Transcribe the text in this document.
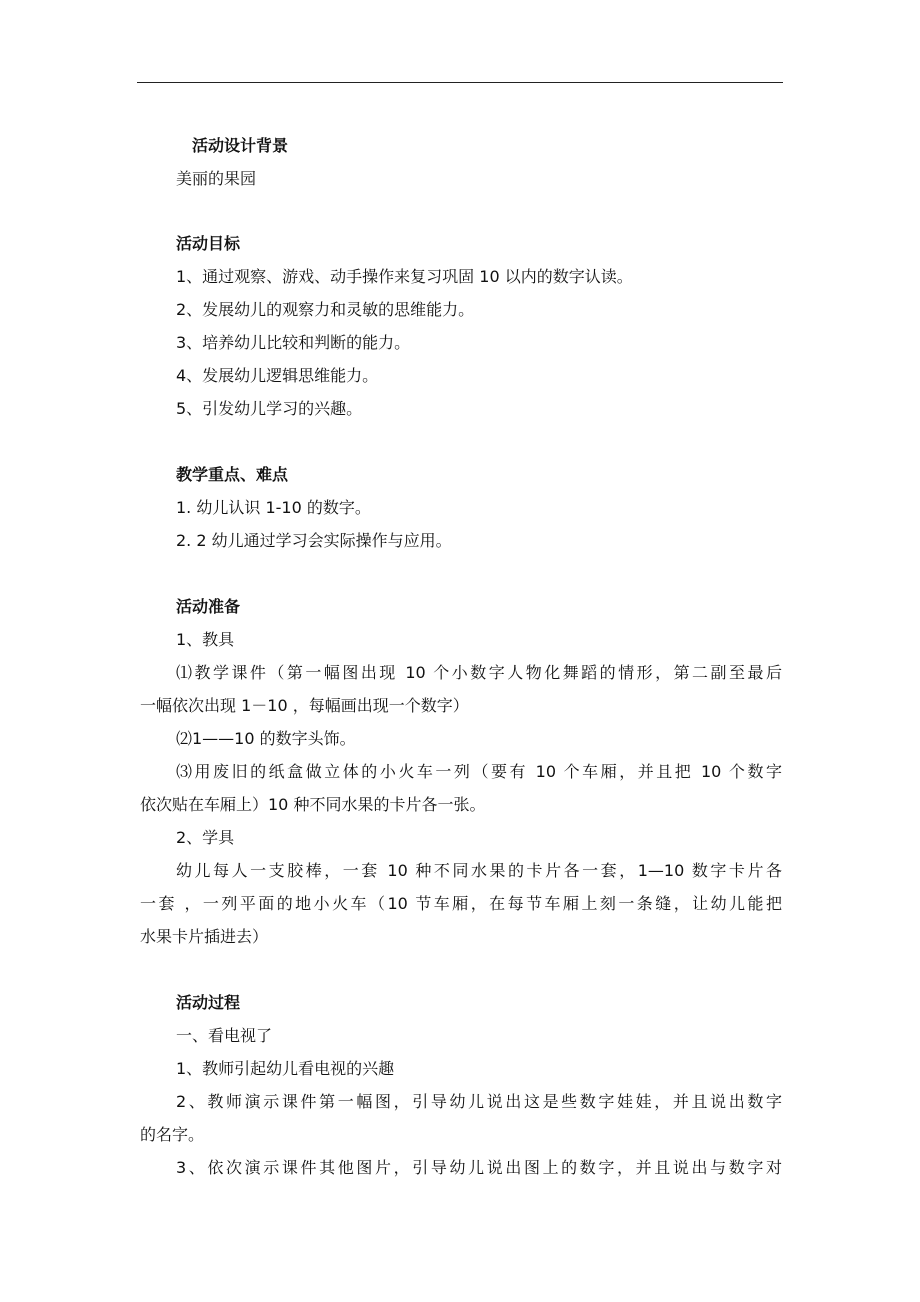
活动设计背景
美丽的果园
活动目标
1、通过观察、游戏、动手操作来复习巩固 10 以内的数字认读。
2、发展幼儿的观察力和灵敏的思维能力。
3、培养幼儿比较和判断的能力。
4、发展幼儿逻辑思维能力。
5、引发幼儿学习的兴趣。
教学重点、难点
1. 幼儿认识 1-10 的数字。
2. 2 幼儿通过学习会实际操作与应用。
活动准备
1、教具
⑴教学课件（第一幅图出现 10 个小数字人物化舞蹈的情形，第二副至最后
一幅依次出现 1－10 ，每幅画出现一个数字）
⑵1——10 的数字头饰。
⑶用废旧的纸盒做立体的小火车一列（要有 10 个车厢，并且把 10 个数字
依次贴在车厢上）10 种不同水果的卡片各一张。
2、学具
幼儿每人一支胶棒，一套 10 种不同水果的卡片各一套，1—10 数字卡片各
一套 ，一列平面的地小火车（10 节车厢，在每节车厢上刻一条缝，让幼儿能把
水果卡片插进去）
活动过程
一、看电视了
1、教师引起幼儿看电视的兴趣
2、教师演示课件第一幅图，引导幼儿说出这是些数字娃娃，并且说出数字
的名字。
3、依次演示课件其他图片，引导幼儿说出图上的数字，并且说出与数字对
